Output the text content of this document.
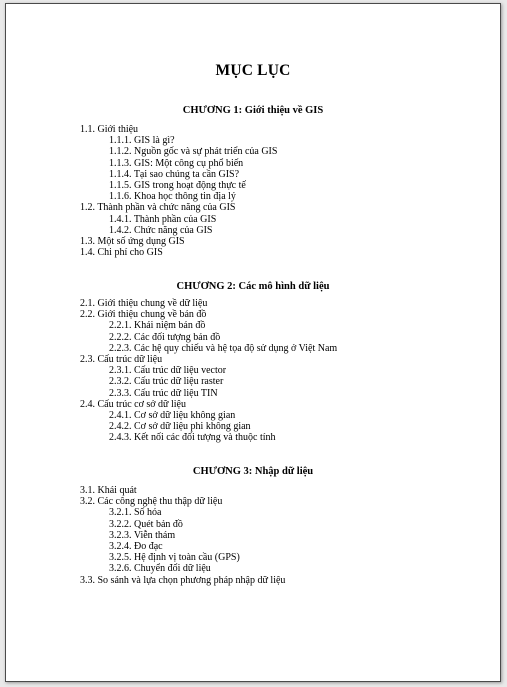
MỤC LỤC
CHƯƠNG 1: Giới thiệu về GIS
1.1. Giới thiệu
1.1.1. GIS là gì?
1.1.2. Nguồn gốc và sự phát triển của GIS
1.1.3. GIS: Một công cụ phổ biến
1.1.4. Tại sao chúng ta cần GIS?
1.1.5. GIS trong hoạt động thực tế
1.1.6. Khoa học thông tin địa lý
1.2. Thành phần và chức năng của GIS
1.4.1. Thành phần của GIS
1.4.2. Chức năng của GIS
1.3. Một số ứng dụng GIS
1.4. Chi phí cho GIS
CHƯƠNG 2: Các mô hình dữ liệu
2.1. Giới thiệu chung về dữ liệu
2.2. Giới thiệu chung về bản đồ
2.2.1. Khái niệm bản đồ
2.2.2. Các đối tượng bản đồ
2.2.3. Các hệ quy chiếu và hệ tọa độ sử dụng ở Việt Nam
2.3. Cấu trúc dữ liệu
2.3.1. Cấu trúc dữ liệu vector
2.3.2. Cấu trúc dữ liệu raster
2.3.3. Cấu trúc dữ liệu TIN
2.4. Cấu trúc cơ sở dữ liệu
2.4.1. Cơ sở dữ liệu không gian
2.4.2. Cơ sở dữ liệu phi không gian
2.4.3. Kết nối các đối tượng và thuộc tính
CHƯƠNG 3: Nhập dữ liệu
3.1. Khái quát
3.2. Các công nghệ thu thập dữ liệu
3.2.1. Số hóa
3.2.2. Quét bản đồ
3.2.3. Viễn thám
3.2.4. Đo đạc
3.2.5. Hệ định vị toàn cầu (GPS)
3.2.6. Chuyển đổi dữ liệu
3.3. So sánh và lựa chọn phương pháp nhập dữ liệu
